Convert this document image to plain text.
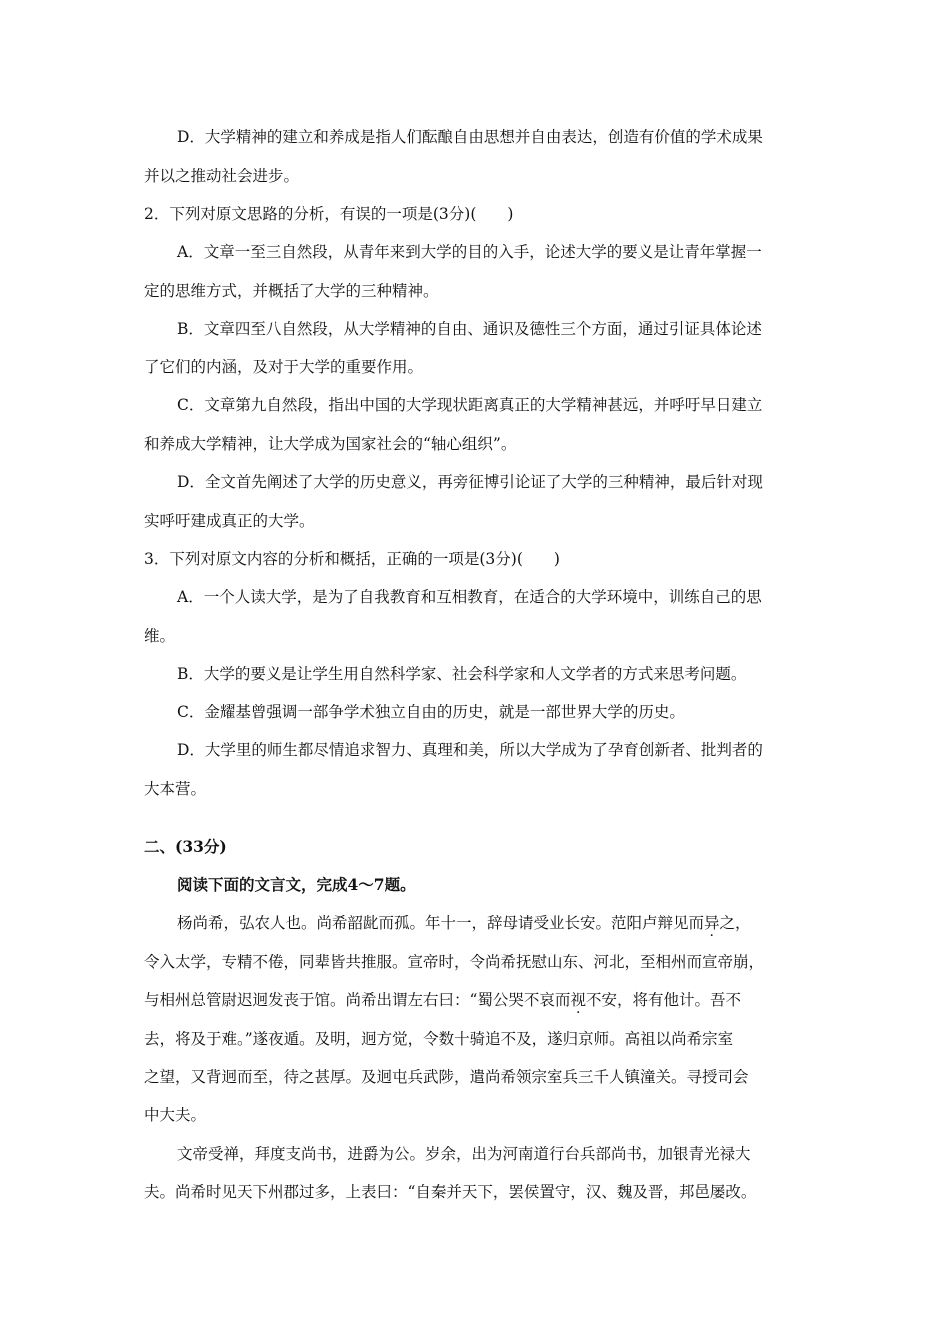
D．大学精神的建立和养成是指人们酝酿自由思想并自由表达，创造有价值的学术成果
并以之推动社会进步。
2．下列对原文思路的分析，有误的一项是(3分)(　　)
A．文章一至三自然段，从青年来到大学的目的入手，论述大学的要义是让青年掌握一
定的思维方式，并概括了大学的三种精神。
B．文章四至八自然段，从大学精神的自由、通识及德性三个方面，通过引证具体论述
了它们的内涵，及对于大学的重要作用。
C．文章第九自然段，指出中国的大学现状距离真正的大学精神甚远，并呼吁早日建立
和养成大学精神，让大学成为国家社会的“轴心组织”。
D．全文首先阐述了大学的历史意义，再旁征博引论证了大学的三种精神，最后针对现
实呼吁建成真正的大学。
3．下列对原文内容的分析和概括，正确的一项是(3分)(　　)
A．一个人读大学，是为了自我教育和互相教育，在适合的大学环境中，训练自己的思
维。
B．大学的要义是让学生用自然科学家、社会科学家和人文学者的方式来思考问题。
C．金耀基曾强调一部争学术独立自由的历史，就是一部世界大学的历史。
D．大学里的师生都尽情追求智力、真理和美，所以大学成为了孕育创新者、批判者的
大本营。
二、(33分)
阅读下面的文言文，完成4～7题。
杨尚希，弘农人也。尚希韶龀而孤。年十一，辞母请受业长安。范阳卢辩见而异之，
令入太学，专精不倦，同辈皆共推服。宣帝时，令尚希抚慰山东、河北，至相州而宣帝崩，
与相州总管尉迟迥发丧于馆。尚希出谓左右曰：“蜀公哭不哀而视不安，将有他计。吾不
去，将及于难。”遂夜遁。及明，迥方觉，令数十骑追不及，遂归京师。高祖以尚希宗室
之望，又背迥而至，待之甚厚。及迥屯兵武陟，遣尚希领宗室兵三千人镇潼关。寻授司会
中大夫。
文帝受禅，拜度支尚书，进爵为公。岁余，出为河南道行台兵部尚书，加银青光禄大
夫。尚希时见天下州郡过多，上表曰：“自秦并天下，罢侯置守，汉、魏及晋，邦邑屡改。
